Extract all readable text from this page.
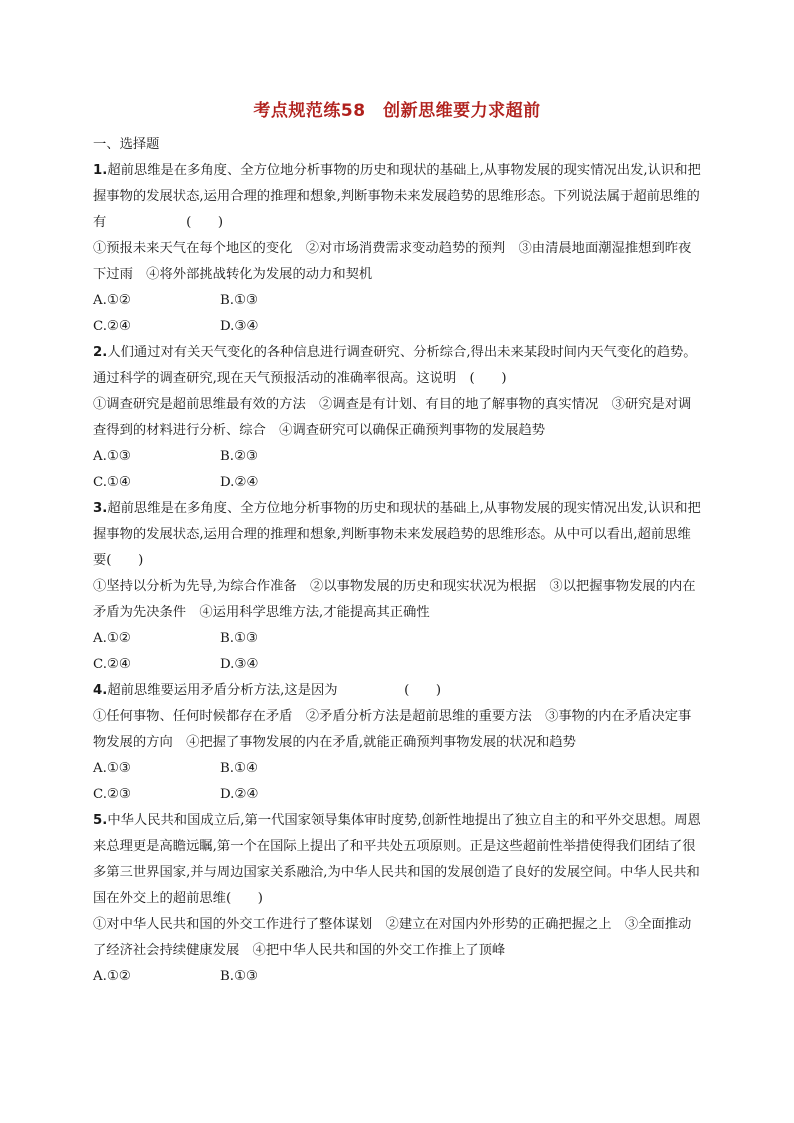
考点规范练58　创新思维要力求超前

一、选择题

1.超前思维是在多角度、全方位地分析事物的历史和现状的基础上,从事物发展的现实情况出发,认识和把握事物的发展状态,运用合理的推理和想象,判断事物未来发展趋势的思维形态。下列说法属于超前思维的有　　　　　　(　　)

①预报未来天气在每个地区的变化　②对市场消费需求变动趋势的预判　③由清晨地面潮湿推想到昨夜下过雨　④将外部挑战转化为发展的动力和契机

A.①②	B.①③
C.②④	D.③④

2.人们通过对有关天气变化的各种信息进行调查研究、分析综合,得出未来某段时间内天气变化的趋势。通过科学的调查研究,现在天气预报活动的准确率很高。这说明　(　　)

①调查研究是超前思维最有效的方法　②调查是有计划、有目的地了解事物的真实情况　③研究是对调查得到的材料进行分析、综合　④调查研究可以确保正确预判事物的发展趋势

A.①③	B.②③
C.①④	D.②④

3.超前思维是在多角度、全方位地分析事物的历史和现状的基础上,从事物发展的现实情况出发,认识和把握事物的发展状态,运用合理的推理和想象,判断事物未来发展趋势的思维形态。从中可以看出,超前思维要(　　)

①坚持以分析为先导,为综合作准备　②以事物发展的历史和现实状况为根据　③以把握事物发展的内在矛盾为先决条件　④运用科学思维方法,才能提高其正确性

A.①②	B.①③
C.②④	D.③④

4.超前思维要运用矛盾分析方法,这是因为　　　　　(　　)

①任何事物、任何时候都存在矛盾　②矛盾分析方法是超前思维的重要方法　③事物的内在矛盾决定事物发展的方向　④把握了事物发展的内在矛盾,就能正确预判事物发展的状况和趋势

A.①③	B.①④
C.②③	D.②④

5.中华人民共和国成立后,第一代国家领导集体审时度势,创新性地提出了独立自主的和平外交思想。周恩来总理更是高瞻远瞩,第一个在国际上提出了和平共处五项原则。正是这些超前性举措使得我们团结了很多第三世界国家,并与周边国家关系融洽,为中华人民共和国的发展创造了良好的发展空间。中华人民共和国在外交上的超前思维(　　)

①对中华人民共和国的外交工作进行了整体谋划　②建立在对国内外形势的正确把握之上　③全面推动了经济社会持续健康发展　④把中华人民共和国的外交工作推上了顶峰

A.①②	B.①③
